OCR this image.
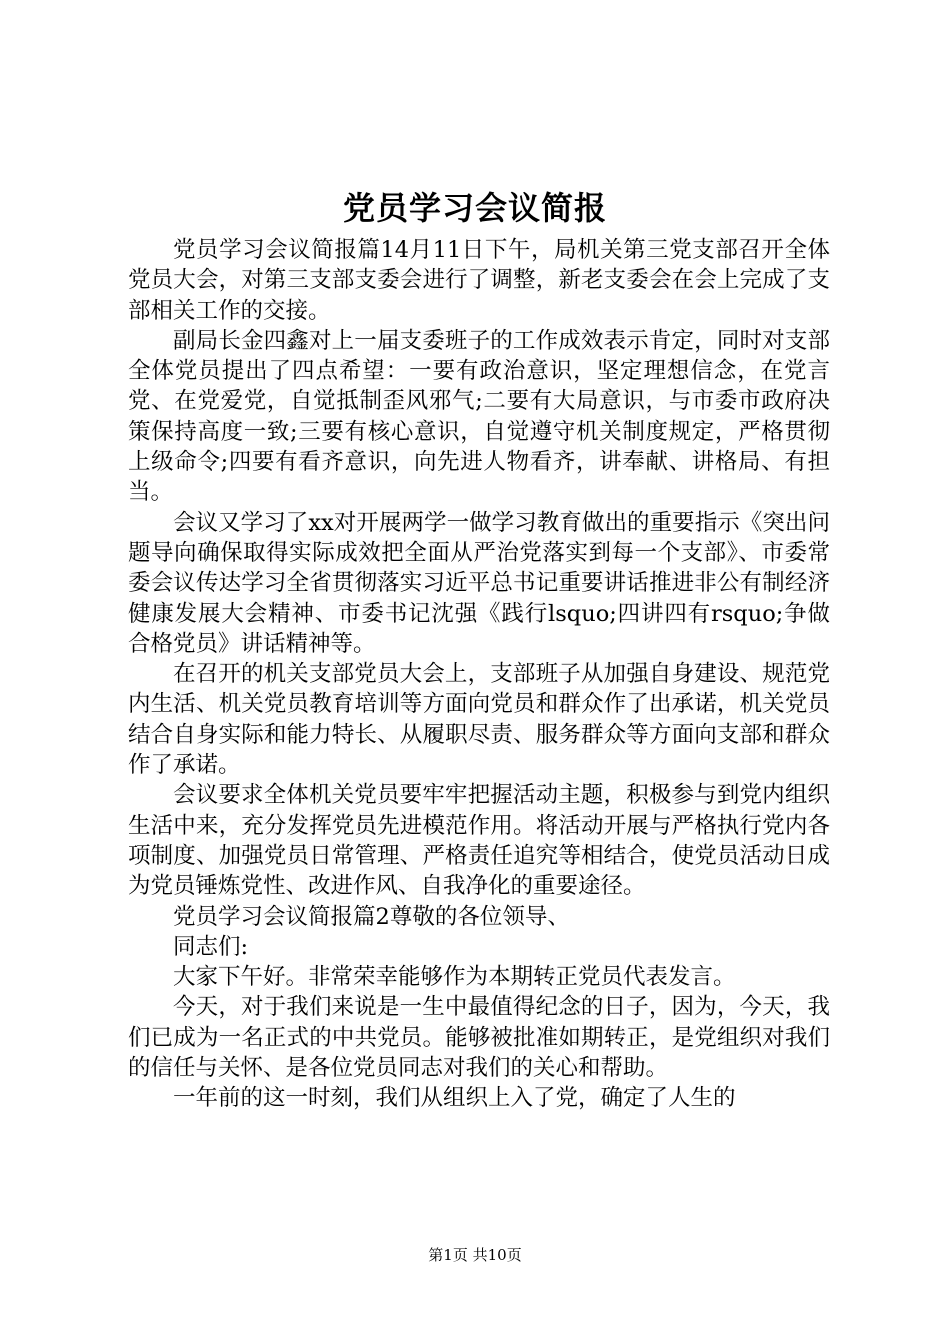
党员学习会议简报

党员学习会议简报篇14月11日下午，局机关第三党支部召开全体党员大会，对第三支部支委会进行了调整，新老支委会在会上完成了支部相关工作的交接。

副局长金四鑫对上一届支委班子的工作成效表示肯定，同时对支部全体党员提出了四点希望：一要有政治意识，坚定理想信念，在党言党、在党爱党，自觉抵制歪风邪气;二要有大局意识，与市委市政府决策保持高度一致;三要有核心意识，自觉遵守机关制度规定，严格贯彻上级命令;四要有看齐意识，向先进人物看齐，讲奉献、讲格局、有担当。

会议又学习了xx对开展两学一做学习教育做出的重要指示《突出问题导向确保取得实际成效把全面从严治党落实到每一个支部》、市委常委会议传达学习全省贯彻落实习近平总书记重要讲话推进非公有制经济健康发展大会精神、市委书记沈强《践行lsquo;四讲四有rsquo;争做合格党员》讲话精神等。

在召开的机关支部党员大会上，支部班子从加强自身建设、规范党内生活、机关党员教育培训等方面向党员和群众作了出承诺，机关党员结合自身实际和能力特长、从履职尽责、服务群众等方面向支部和群众作了承诺。

会议要求全体机关党员要牢牢把握活动主题，积极参与到党内组织生活中来，充分发挥党员先进模范作用。将活动开展与严格执行党内各项制度、加强党员日常管理、严格责任追究等相结合，使党员活动日成为党员锤炼党性、改进作风、自我净化的重要途径。

党员学习会议简报篇2尊敬的各位领导、

同志们:

大家下午好。非常荣幸能够作为本期转正党员代表发言。

今天，对于我们来说是一生中最值得纪念的日子，因为，今天，我们已成为一名正式的中共党员。能够被批准如期转正，是党组织对我们的信任与关怀、是各位党员同志对我们的关心和帮助。

一年前的这一时刻，我们从组织上入了党，确定了人生的

第1页 共10页
